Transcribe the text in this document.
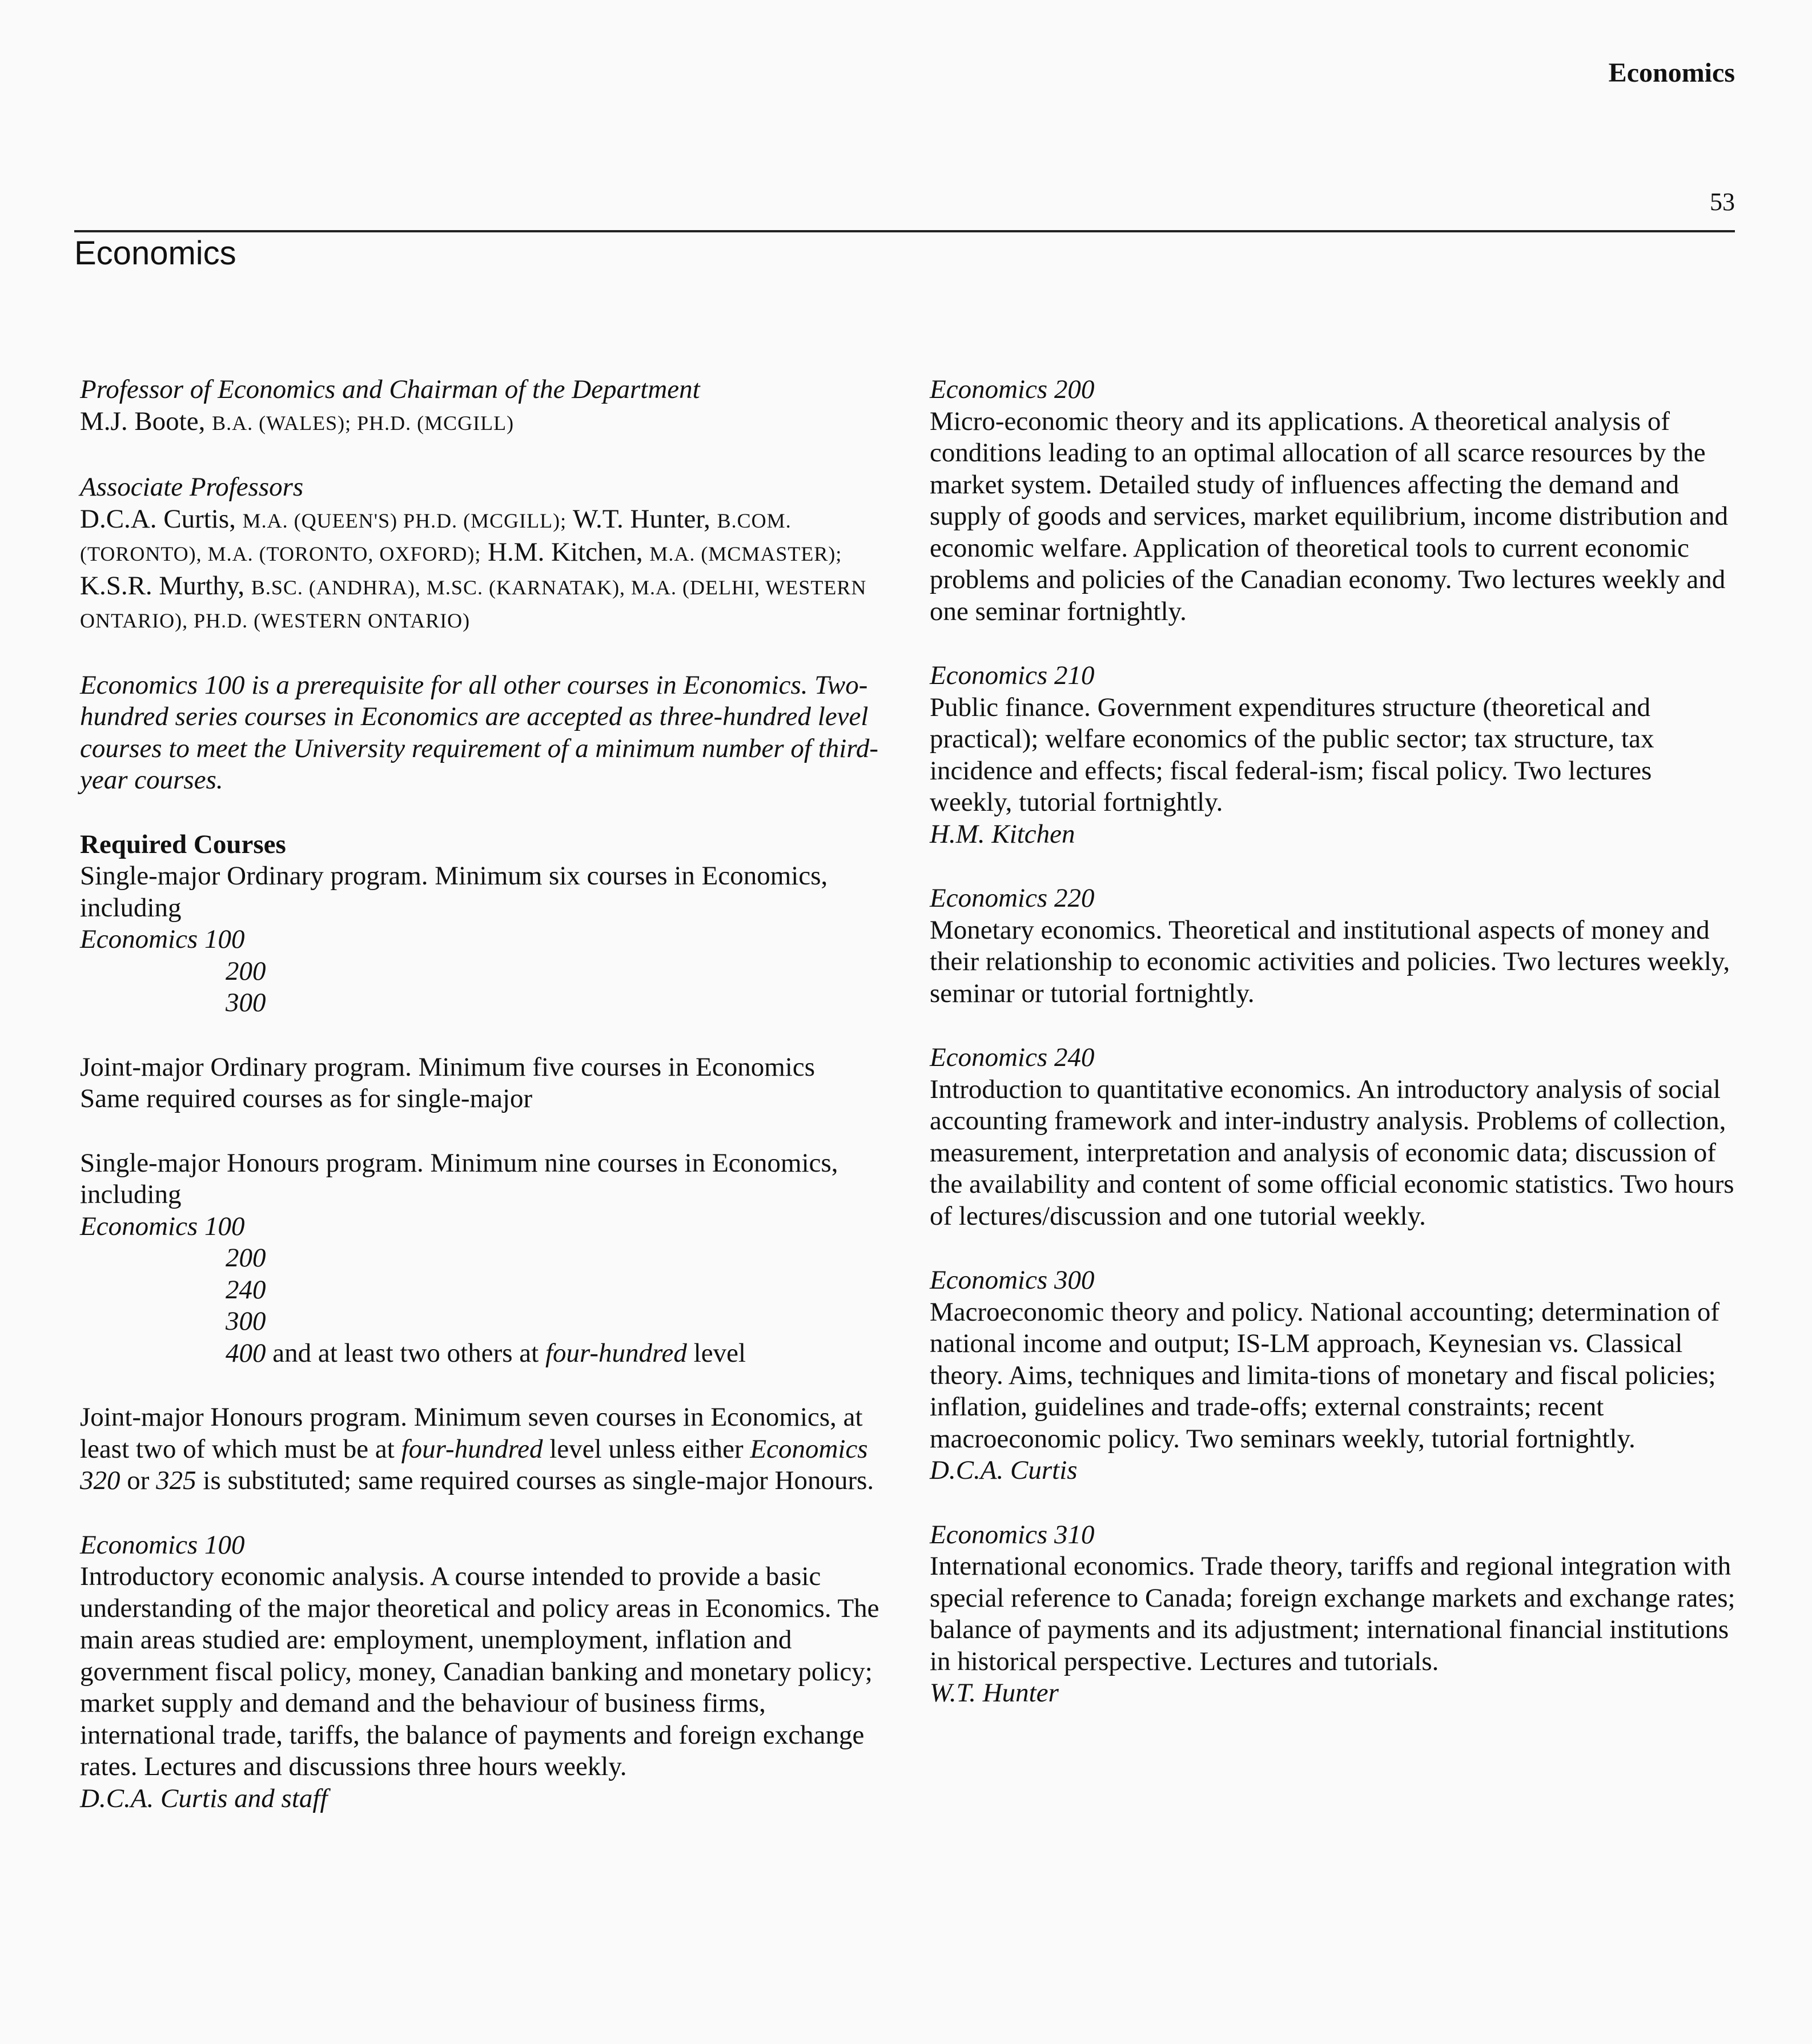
Economics
53
Economics

Professor of Economics and Chairman of the Department

M.J. Boote, B.A. (WALES); PH.D. (MCGILL)

Associate Professors

D.C.A. Curtis, M.A. (QUEEN'S) PH.D. (MCGILL); W.T. Hunter, B.COM. (TORONTO), M.A. (TORONTO, OXFORD); H.M. Kitchen, M.A. (MCMASTER); K.S.R. Murthy, B.SC. (ANDHRA), M.SC. (KARNATAK), M.A. (DELHI, WESTERN ONTARIO), PH.D. (WESTERN ONTARIO)

Economics 100 is a prerequisite for all other courses in Economics. Two-hundred series courses in Economics are accepted as three-hundred level courses to meet the University requirement of a minimum number of third-year courses.

Required Courses

Single-major Ordinary program. Minimum six courses in Economics, including

Economics 100

200

300

Joint-major Ordinary program. Minimum five courses in Economics

Same required courses as for single-major

Single-major Honours program. Minimum nine courses in Economics, including

Economics 100

200

240

300

400 and at least two others at four-hundred level

Joint-major Honours program. Minimum seven courses in Economics, at least two of which must be at four-hundred level unless either Economics 320 or 325 is substituted; same required courses as single-major Honours.

Economics 100

Introductory economic analysis. A course intended to provide a basic understanding of the major theoretical and policy areas in Economics. The main areas studied are: employment, unemployment, inflation and government fiscal policy, money, Canadian banking and monetary policy; market supply and demand and the behaviour of business firms, international trade, tariffs, the balance of payments and foreign exchange rates. Lectures and discussions three hours weekly.

D.C.A. Curtis and staff

Economics 200

Micro-economic theory and its applications. A theoretical analysis of conditions leading to an optimal allocation of all scarce resources by the market system. Detailed study of influences affecting the demand and supply of goods and services, market equilibrium, income distribution and economic welfare. Application of theoretical tools to current economic problems and policies of the Canadian economy. Two lectures weekly and one seminar fortnightly.

Economics 210

Public finance. Government expenditures structure (theoretical and practical); welfare economics of the public sector; tax structure, tax incidence and effects; fiscal federal-ism; fiscal policy. Two lectures weekly, tutorial fortnightly.

H.M. Kitchen

Economics 220

Monetary economics. Theoretical and institutional aspects of money and their relationship to economic activities and policies. Two lectures weekly, seminar or tutorial fortnightly.

Economics 240

Introduction to quantitative economics. An introductory analysis of social accounting framework and inter-industry analysis. Problems of collection, measurement, interpretation and analysis of economic data; discussion of the availability and content of some official economic statistics. Two hours of lectures/discussion and one tutorial weekly.

Economics 300

Macroeconomic theory and policy. National accounting; determination of national income and output; IS-LM approach, Keynesian vs. Classical theory. Aims, techniques and limita-tions of monetary and fiscal policies; inflation, guidelines and trade-offs; external constraints; recent macroeconomic policy. Two seminars weekly, tutorial fortnightly.

D.C.A. Curtis

Economics 310

International economics. Trade theory, tariffs and regional integration with special reference to Canada; foreign exchange markets and exchange rates; balance of payments and its adjustment; international financial institutions in historical perspective. Lectures and tutorials.

W.T. Hunter
